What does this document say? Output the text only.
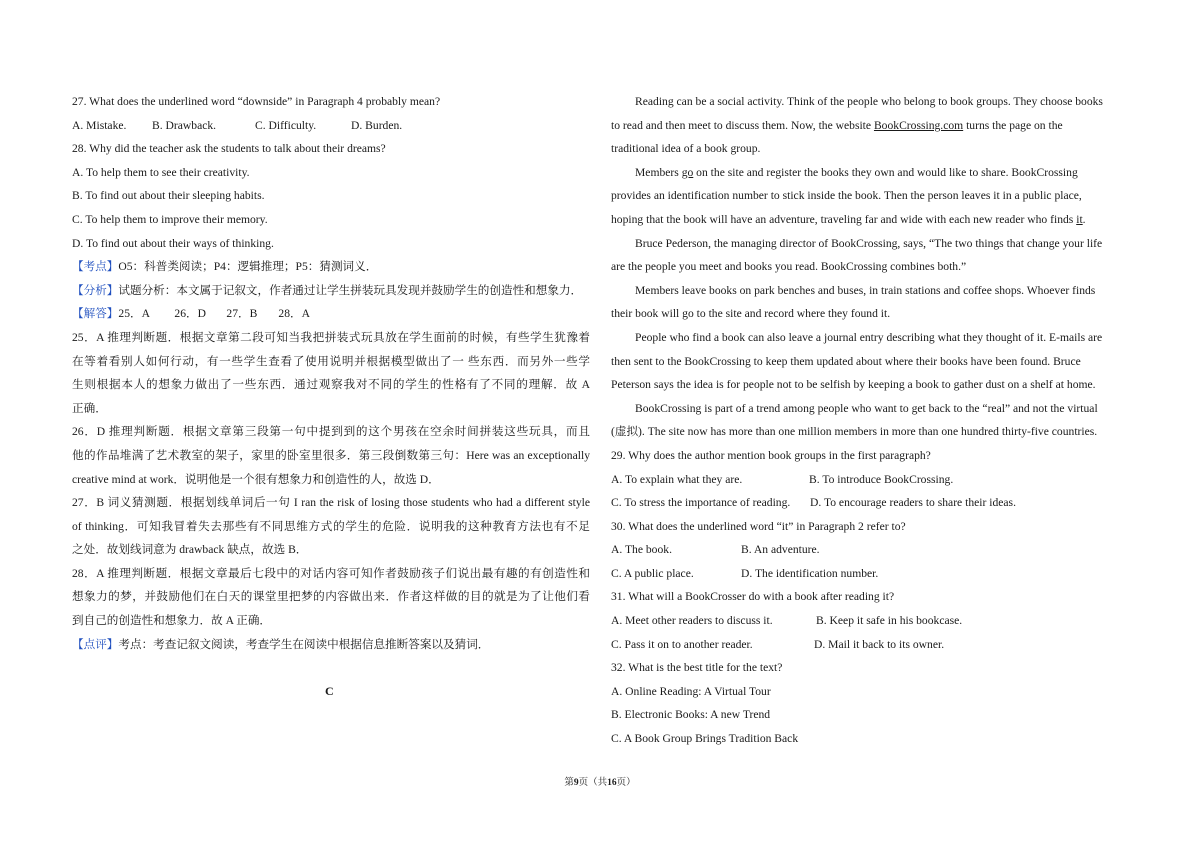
27. What does the underlined word “downside” in Paragraph 4 probably mean?
A. Mistake. B. Drawback.	C. Difficulty.	D. Burden.
28. Why did the teacher ask the students to talk about their dreams?
A. To help them to see their creativity.
B. To find out about their sleeping habits.
C. To help them to improve their memory.
D. To find out about their ways of thinking.
【考点】O5：科普类阅读；P4：逻辑推理；P5：猜测词义．
【分析】试题分析：本文属于记叙文，作者通过让学生拼装玩具发现并鼓励学生的创造性和想象力．
【解答】25．A 26．D 27．B 28．A
25．A 推理判断题．根据文章第二段可知当我把拼装式玩具放在学生面前的时候，有些学生犹豫着
在等着看别人如何行动，有一些学生查看了使用说明并根据模型做出了一 些东西．而另外一些学
生则根据本人的想象力做出了一些东西．通过观察我对不同的学生的性格有了不同的理解．故 A
正确．
26．D 推理判断题．根据文章第三段第一句中提到到的这个男孩在空余时间拼装这些玩具，而且
他的作品堆满了艺术教室的架子，家里的卧室里很多．第三段倒数第三句：Here was an exceptionally
creative mind at work．说明他是一个很有想象力和创造性的人，故选 D．
27．B 词义猜测题．根据划线单词后一句 I ran the risk of losing those students who had a different style
of thinking．可知我冒着失去那些有不同思维方式的学生的危险．说明我的这种教育方法也有不足
之处．故划线词意为 drawback 缺点，故选 B．
28．A 推理判断题．根据文章最后七段中的对话内容可知作者鼓励孩子们说出最有趣的有创造性和
想象力的梦，并鼓励他们在白天的课堂里把梦的内容做出来．作者这样做的目的就是为了让他们看
到自己的创造性和想象力．故 A 正确．
【点评】考点：考查记叙文阅读，考查学生在阅读中根据信息推断答案以及猜词．
C
Reading can be a social activity. Think of the people who belong to book groups. They choose books
to read and then meet to discuss them. Now, the website BookCrossing.com turns the page on the
traditional idea of a book group.
Members go on the site and register the books they own and would like to share. BookCrossing
provides an identification number to stick inside the book. Then the person leaves it in a public place,
hoping that the book will have an adventure, traveling far and wide with each new reader who finds it.
Bruce Pederson, the managing director of BookCrossing, says, “The two things that change your life
are the people you meet and books you read. BookCrossing combines both.”
Members leave books on park benches and buses, in train stations and coffee shops. Whoever finds
their book will go to the site and record where they found it.
People who find a book can also leave a journal entry describing what they thought of it. E-mails are
then sent to the BookCrossing to keep them updated about where their books have been found. Bruce
Peterson says the idea is for people not to be selfish by keeping a book to gather dust on a shelf at home.
BookCrossing is part of a trend among people who want to get back to the “real” and not the virtual
(虚拟). The site now has more than one million members in more than one hundred thirty-five countries.
29. Why does the author mention book groups in the first paragraph?
A. To explain what they are.	B. To introduce BookCrossing.
C. To stress the importance of reading. D. To encourage readers to share their ideas.
30. What does the underlined word “it” in Paragraph 2 refer to?
A. The book.	B. An adventure.
C. A public place.	D. The identification number.
31. What will a BookCrosser do with a book after reading it?
A. Meet other readers to discuss it.	B. Keep it safe in his bookcase.
C. Pass it on to another reader.	D. Mail it back to its owner.
32. What is the best title for the text?
A. Online Reading: A Virtual Tour
B. Electronic Books: A new Trend
C. A Book Group Brings Tradition Back
第9页（共16页）
